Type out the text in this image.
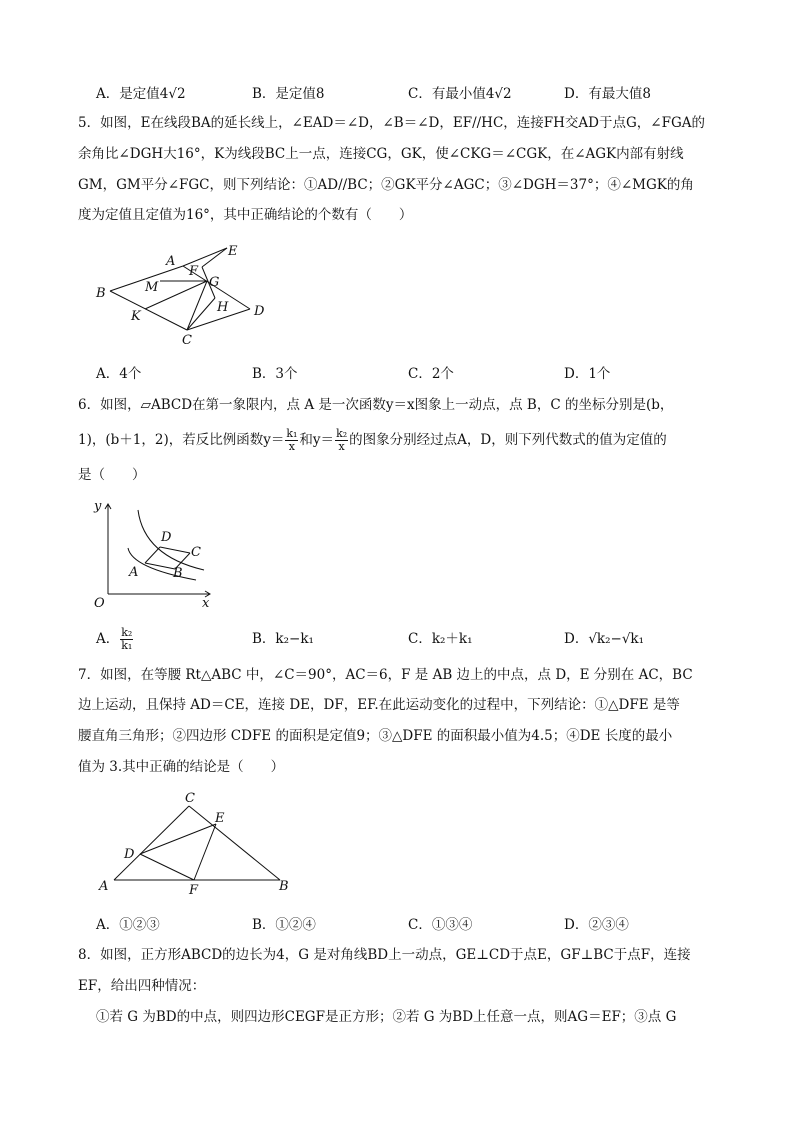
A．是定值4√2	B．是定值8	C．有最小值4√2	D．有最大值8
5．如图，E在线段BA的延长线上，∠EAD＝∠D，∠B＝∠D，EF//HC，连接FH交AD于点G，∠FGA的
余角比∠DGH大16°，K为线段BC上一点，连接CG，GK，使∠CKG＝∠CGK，在∠AGK内部有射线
GM，GM平分∠FGC，则下列结论：①AD//BC；②GK平分∠AGC；③∠DGH＝37°；④∠MGK的角
度为定值且定值为16°，其中正确结论的个数有（　　）
A
E
F
G
M
B
K
H D
C
A．4个	B．3个	C．2个	D．1个
6．如图，▱ABCD在第一象限内，点 A 是一次函数y＝x图象上一动点，点 B，C 的坐标分别是(b，
1)，(b＋1，2)，若反比例函数$y= \frac{\text{k₁}}{x}$ 和$y= \frac{\text{k₂}}{x}$ 的图象分别经过点A，D，则下列代数式的值为定值的
是（　　）
y
D
C
A	B
O	x
A． $\frac{\text{k₂}}{\text{k₁}}$	B．k₂−k₁	C．k₂＋k₁	D．√k₂−√k₁
7．如图，在等腰 Rt△ABC 中，∠C＝90°，AC＝6，F 是 AB 边上的中点，点 D，E 分别在 AC，BC
边上运动，且保持 AD＝CE，连接 DE，DF，EF.在此运动变化的过程中，下列结论：①△DFE 是等
腰直角三角形；②四边形 CDFE 的面积是定值9；③△DFE 的面积最小值为4.5；④DE 长度的最小
值为 3.其中正确的结论是（　　）
C
E
D
A	F	B
A．①②③	B．①②④	C．①③④	D．②③④
8．如图，正方形ABCD的边长为4，G 是对角线BD上一动点，GE⊥CD于点E，GF⊥BC于点F，连接
EF，给出四种情况：
①若 G 为BD的中点，则四边形CEGF是正方形；②若 G 为BD上任意一点，则AG＝EF；③点 G
